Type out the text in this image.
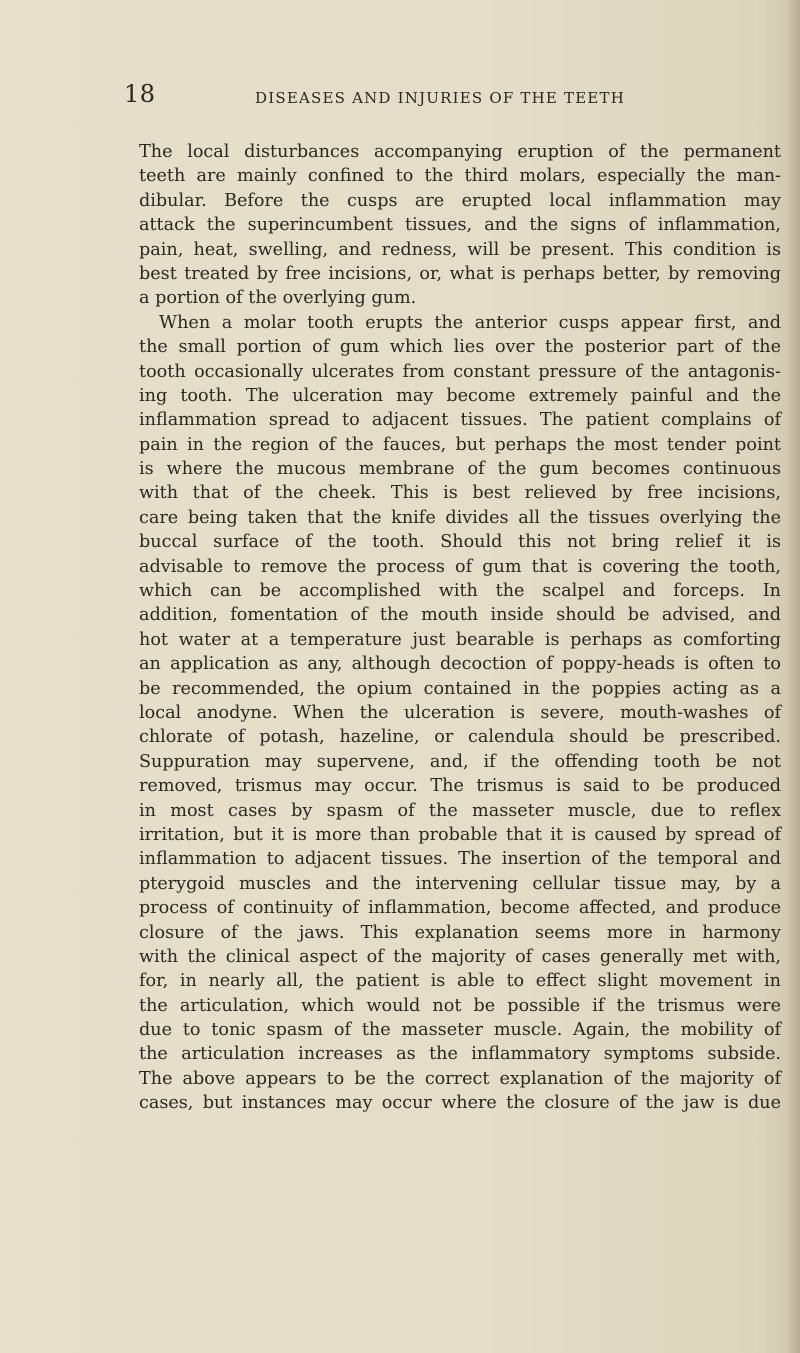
18	DISEASES AND INJURIES OF THE TEETH
The local disturbances accompanying eruption of the permanent
teeth are mainly confined to the third molars, especially the man-
dibular. Before the cusps are erupted local inflammation may
attack the superincumbent tissues, and the signs of inflammation,
pain, heat, swelling, and redness, will be present. This condition is
best treated by free incisions, or, what is perhaps better, by removing
a portion of the overlying gum.
When a molar tooth erupts the anterior cusps appear first, and
the small portion of gum which lies over the posterior part of the
tooth occasionally ulcerates from constant pressure of the antagonis-
ing tooth. The ulceration may become extremely painful and the
inflammation spread to adjacent tissues. The patient complains of
pain in the region of the fauces, but perhaps the most tender point
is where the mucous membrane of the gum becomes continuous
with that of the cheek. This is best relieved by free incisions,
care being taken that the knife divides all the tissues overlying the
buccal surface of the tooth. Should this not bring relief it is
advisable to remove the process of gum that is covering the tooth,
which can be accomplished with the scalpel and forceps. In
addition, fomentation of the mouth inside should be advised, and
hot water at a temperature just bearable is perhaps as comforting
an application as any, although decoction of poppy-heads is often to
be recommended, the opium contained in the poppies acting as a
local anodyne. When the ulceration is severe, mouth-washes of
chlorate of potash, hazeline, or calendula should be prescribed.
Suppuration may supervene, and, if the offending tooth be not
removed, trismus may occur. The trismus is said to be produced
in most cases by spasm of the masseter muscle, due to reflex
irritation, but it is more than probable that it is caused by spread of
inflammation to adjacent tissues. The insertion of the temporal and
pterygoid muscles and the intervening cellular tissue may, by a
process of continuity of inflammation, become affected, and produce
closure of the jaws. This explanation seems more in harmony
with the clinical aspect of the majority of cases generally met with,
for, in nearly all, the patient is able to effect slight movement in
the articulation, which would not be possible if the trismus were
due to tonic spasm of the masseter muscle. Again, the mobility of
the articulation increases as the inflammatory symptoms subside.
The above appears to be the correct explanation of the majority of
cases, but instances may occur where the closure of the jaw is due
